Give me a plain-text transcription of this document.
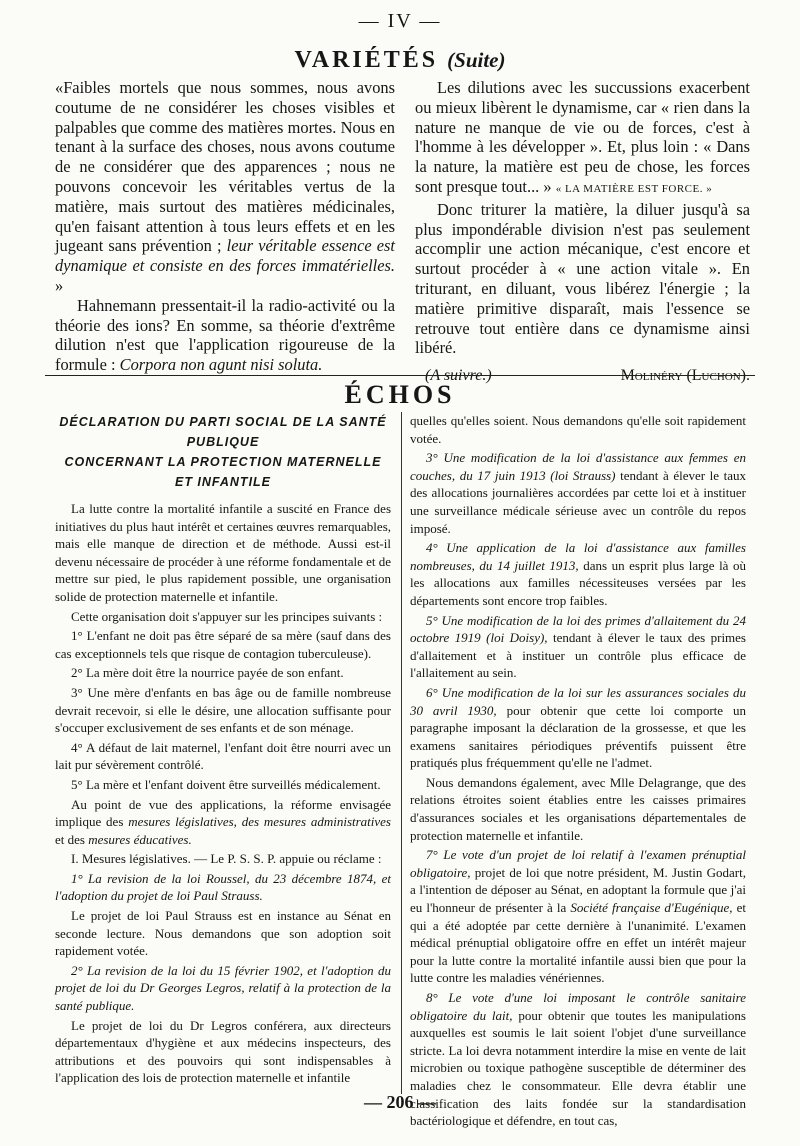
— IV —
VARIÉTÉS (Suite)

«Faibles mortels que nous sommes, nous avons coutume de ne considérer les choses visibles et palpables que comme des matières mortes. Nous en tenant à la surface des choses, nous avons coutume de ne considérer que des apparences ; nous ne pouvons concevoir les véritables vertus de la matière, mais surtout des matières médicinales, qu'en faisant attention à tous leurs effets et en les jugeant sans prévention ; leur véritable essence est dynamique et consiste en des forces immatérielles. »

Hahnemann pressentait-il la radio-activité ou la théorie des ions? En somme, sa théorie d'extrême dilution n'est que l'application rigoureuse de la formule : Corpora non agunt nisi soluta.

Les dilutions avec les succussions exacerbent ou mieux libèrent le dynamisme, car « rien dans la nature ne manque de vie ou de forces, c'est à l'homme à les développer ». Et, plus loin : « Dans la nature, la matière est peu de chose, les forces sont presque tout... » « LA MATIÈRE EST FORCE. »

Donc triturer la matière, la diluer jusqu'à sa plus impondérable division n'est pas seulement accomplir une action mécanique, c'est encore et surtout procéder à « une action vitale ». En triturant, en diluant, vous libérez l'énergie ; la matière primitive disparaît, mais l'essence se retrouve tout entière dans ce dynamisme ainsi libéré.

(A suivre.)	Molinéry (Luchon).
ÉCHOS
DÉCLARATION DU PARTI SOCIAL DE LA SANTÉ PUBLIQUE
CONCERNANT LA PROTECTION MATERNELLE ET INFANTILE

La lutte contre la mortalité infantile a suscité en France des initiatives du plus haut intérêt et certaines œuvres remarquables, mais elle manque de direction et de méthode. Aussi est-il devenu nécessaire de procéder à une réforme fondamentale et de mettre sur pied, le plus rapidement possible, une organisation solide de protection maternelle et infantile.

Cette organisation doit s'appuyer sur les principes suivants :

1° L'enfant ne doit pas être séparé de sa mère (sauf dans des cas exceptionnels tels que risque de contagion tuberculeuse).

2° La mère doit être la nourrice payée de son enfant.

3° Une mère d'enfants en bas âge ou de famille nombreuse devrait recevoir, si elle le désire, une allocation suffisante pour s'occuper exclusivement de ses enfants et de son ménage.

4° A défaut de lait maternel, l'enfant doit être nourri avec un lait pur sévèrement contrôlé.

5° La mère et l'enfant doivent être surveillés médicalement.

Au point de vue des applications, la réforme envisagée implique des mesures législatives, des mesures administratives et des mesures éducatives.

I. Mesures législatives. — Le P. S. S. P. appuie ou réclame :

1° La revision de la loi Roussel, du 23 décembre 1874, et l'adoption du projet de loi Paul Strauss.

Le projet de loi Paul Strauss est en instance au Sénat en seconde lecture. Nous demandons que son adoption soit rapidement votée.

2° La revision de la loi du 15 février 1902, et l'adoption du projet de loi du Dr Georges Legros, relatif à la protection de la santé publique.

Le projet de loi du Dr Legros conférera, aux directeurs départementaux d'hygiène et aux médecins inspecteurs, des attributions et des pouvoirs qui sont indispensables à l'application des lois de protection maternelle et infantile

quelles qu'elles soient. Nous demandons qu'elle soit rapidement votée.

3° Une modification de la loi d'assistance aux femmes en couches, du 17 juin 1913 (loi Strauss) tendant à élever le taux des allocations journalières accordées par cette loi et à instituer une surveillance médicale sérieuse avec un contrôle du repos imposé.

4° Une application de la loi d'assistance aux familles nombreuses, du 14 juillet 1913, dans un esprit plus large là où les allocations aux familles nécessiteuses versées par les départements sont encore trop faibles.

5° Une modification de la loi des primes d'allaitement du 24 octobre 1919 (loi Doisy), tendant à élever le taux des primes d'allaitement et à instituer un contrôle plus efficace de l'allaitement au sein.

6° Une modification de la loi sur les assurances sociales du 30 avril 1930, pour obtenir que cette loi comporte un paragraphe imposant la déclaration de la grossesse, et que les examens sanitaires périodiques préventifs puissent être pratiqués plus fréquemment qu'elle ne l'admet.

Nous demandons également, avec Mlle Delagrange, que des relations étroites soient établies entre les caisses primaires d'assurances sociales et les organisations départementales de protection maternelle et infantile.

7° Le vote d'un projet de loi relatif à l'examen prénuptial obligatoire, projet de loi que notre président, M. Justin Godart, a l'intention de déposer au Sénat, en adoptant la formule que j'ai eu l'honneur de présenter à la Société française d'Eugénique, et qui a été adoptée par cette dernière à l'unanimité. L'examen médical prénuptial obligatoire offre en effet un intérêt majeur pour la lutte contre la mortalité infantile aussi bien que pour la lutte contre les maladies vénériennes.

8° Le vote d'une loi imposant le contrôle sanitaire obligatoire du lait, pour obtenir que toutes les manipulations auxquelles est soumis le lait soient l'objet d'une surveillance stricte. La loi devra notamment interdire la mise en vente de lait microbien ou toxique pathogène susceptible de déterminer des maladies chez le consommateur. Elle devra établir une classification des laits fondée sur la standardisation bactériologique et défendre, en tout cas,

— 206 —
